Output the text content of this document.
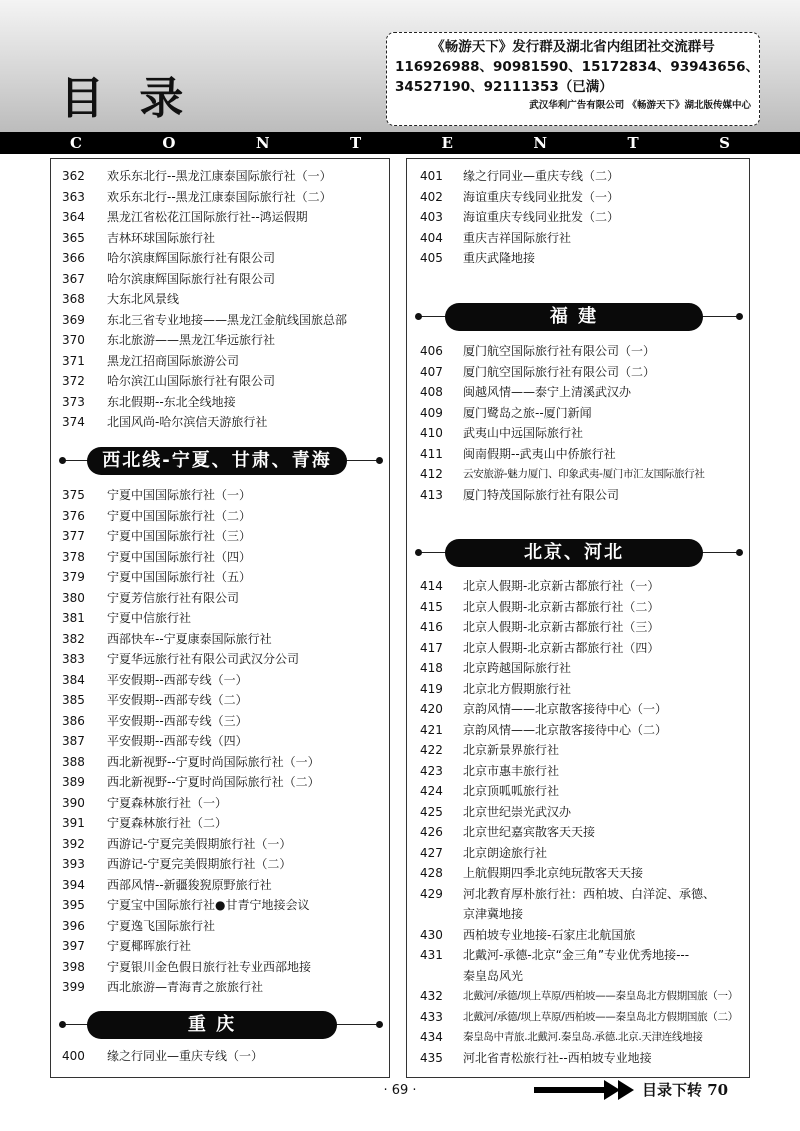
目 录
《畅游天下》发行群及湖北省内组团社交流群号
116926988、90981590、15172834、93943656、
34527190、92111353（已满）
武汉华利广告有限公司 《畅游天下》湖北版传媒中心
C	O	N	T	E	N	T	S
362	欢乐东北行--黑龙江康泰国际旅行社（一）
363	欢乐东北行--黑龙江康泰国际旅行社（二）
364	黑龙江省松花江国际旅行社--鸿运假期
365	吉林环球国际旅行社
366	哈尔滨康辉国际旅行社有限公司
367	哈尔滨康辉国际旅行社有限公司
368	大东北风景线
369	东北三省专业地接——黑龙江金航线国旅总部
370	东北旅游——黑龙江华远旅行社
371	黑龙江招商国际旅游公司
372	哈尔滨江山国际旅行社有限公司
373	东北假期--东北全线地接
374	北国风尚-哈尔滨信天游旅行社
西北线-宁夏、甘肃、青海
375	宁夏中国国际旅行社（一）
376	宁夏中国国际旅行社（二）
377	宁夏中国国际旅行社（三）
378	宁夏中国国际旅行社（四）
379	宁夏中国国际旅行社（五）
380	宁夏芳信旅行社有限公司
381	宁夏中信旅行社
382	西部快车--宁夏康泰国际旅行社
383	宁夏华远旅行社有限公司武汉分公司
384	平安假期--西部专线（一）
385	平安假期--西部专线（二）
386	平安假期--西部专线（三）
387	平安假期--西部专线（四）
388	西北新视野--宁夏时尚国际旅行社（一）
389	西北新视野--宁夏时尚国际旅行社（二）
390	宁夏森林旅行社（一）
391	宁夏森林旅行社（二）
392	西游记-宁夏完美假期旅行社（一）
393	西游记-宁夏完美假期旅行社（二）
394	西部风情--新疆狻猊原野旅行社
395	宁夏宝中国际旅行社●甘青宁地接会议
396	宁夏逸飞国际旅行社
397	宁夏椰晖旅行社
398	宁夏银川金色假日旅行社专业西部地接
399	西北旅游—青海青之旅旅行社
重 庆
400	缘之行同业—重庆专线（一）
401	缘之行同业—重庆专线（二）
402	海谊重庆专线同业批发（一）
403	海谊重庆专线同业批发（二）
404	重庆吉祥国际旅行社
405	重庆武隆地接
福 建
406	厦门航空国际旅行社有限公司（一）
407	厦门航空国际旅行社有限公司（二）
408	闽越风情——泰宁上清溪武汉办
409	厦门鹭岛之旅--厦门新闻
410	武夷山中远国际旅行社
411	闽南假期--武夷山中侨旅行社
412	云安旅游-魅力厦门、印象武夷-厦门市汇友国际旅行社
413	厦门特茂国际旅行社有限公司
北京、河北
414	北京人假期-北京新古都旅行社（一）
415	北京人假期-北京新古都旅行社（二）
416	北京人假期-北京新古都旅行社（三）
417	北京人假期-北京新古都旅行社（四）
418	北京跨越国际旅行社
419	北京北方假期旅行社
420	京韵风情——北京散客接待中心（一）
421	京韵风情——北京散客接待中心（二）
422	北京新景界旅行社
423	北京市惠丰旅行社
424	北京顶呱呱旅行社
425	北京世纪崇光武汉办
426	北京世纪嘉宾散客天天接
427	北京朗途旅行社
428	上航假期四季北京纯玩散客天天接
429	河北教育厚朴旅行社：西柏坡、白洋淀、承德、
京津冀地接
430	西柏坡专业地接-石家庄北航国旅
431	北戴河-承德-北京“金三角”专业优秀地接---
秦皇岛风光
432	北戴河/承德/坝上草原/西柏坡——秦皇岛北方假期国旅（一）
433	北戴河/承德/坝上草原/西柏坡——秦皇岛北方假期国旅（二）
434	秦皇岛中青旅.北戴河.秦皇岛.承德.北京.天津连线地接
435	河北省青松旅行社--西柏坡专业地接
· 69 ·	目录下转 70
